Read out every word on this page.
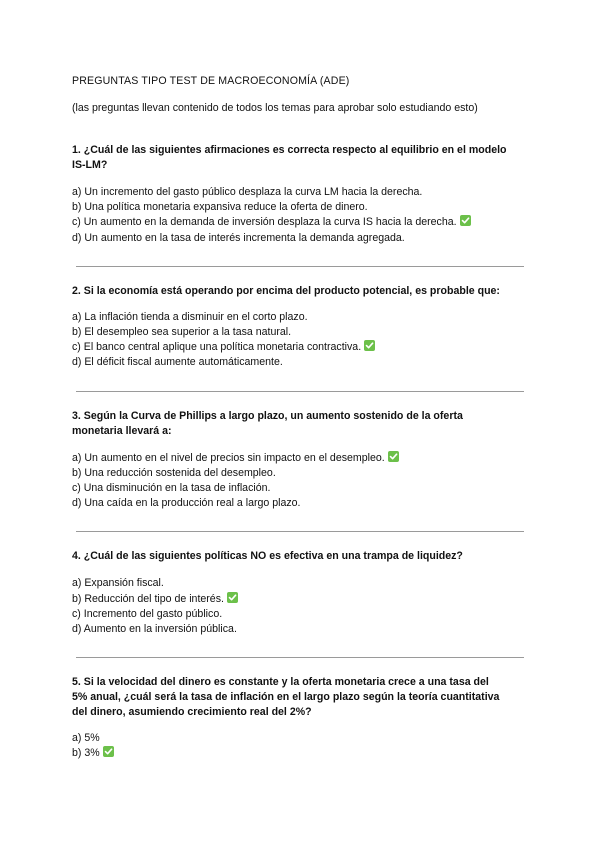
PREGUNTAS TIPO TEST DE MACROECONOMÍA (ADE)

(las preguntas llevan contenido de todos los temas para aprobar solo estudiando esto)

1. ¿Cuál de las siguientes afirmaciones es correcta respecto al equilibrio en el modelo
IS-LM?

a) Un incremento del gasto público desplaza la curva LM hacia la derecha.
b) Una política monetaria expansiva reduce la oferta de dinero.
c) Un aumento en la demanda de inversión desplaza la curva IS hacia la derecha.
d) Un aumento en la tasa de interés incrementa la demanda agregada.

2. Si la economía está operando por encima del producto potencial, es probable que:

a) La inflación tienda a disminuir en el corto plazo.
b) El desempleo sea superior a la tasa natural.
c) El banco central aplique una política monetaria contractiva.
d) El déficit fiscal aumente automáticamente.

3. Según la Curva de Phillips a largo plazo, un aumento sostenido de la oferta
monetaria llevará a:

a) Un aumento en el nivel de precios sin impacto en el desempleo.
b) Una reducción sostenida del desempleo.
c) Una disminución en la tasa de inflación.
d) Una caída en la producción real a largo plazo.

4. ¿Cuál de las siguientes políticas NO es efectiva en una trampa de liquidez?

a) Expansión fiscal.
b) Reducción del tipo de interés.
c) Incremento del gasto público.
d) Aumento en la inversión pública.

5. Si la velocidad del dinero es constante y la oferta monetaria crece a una tasa del
5% anual, ¿cuál será la tasa de inflación en el largo plazo según la teoría cuantitativa
del dinero, asumiendo crecimiento real del 2%?

a) 5%
b) 3%
